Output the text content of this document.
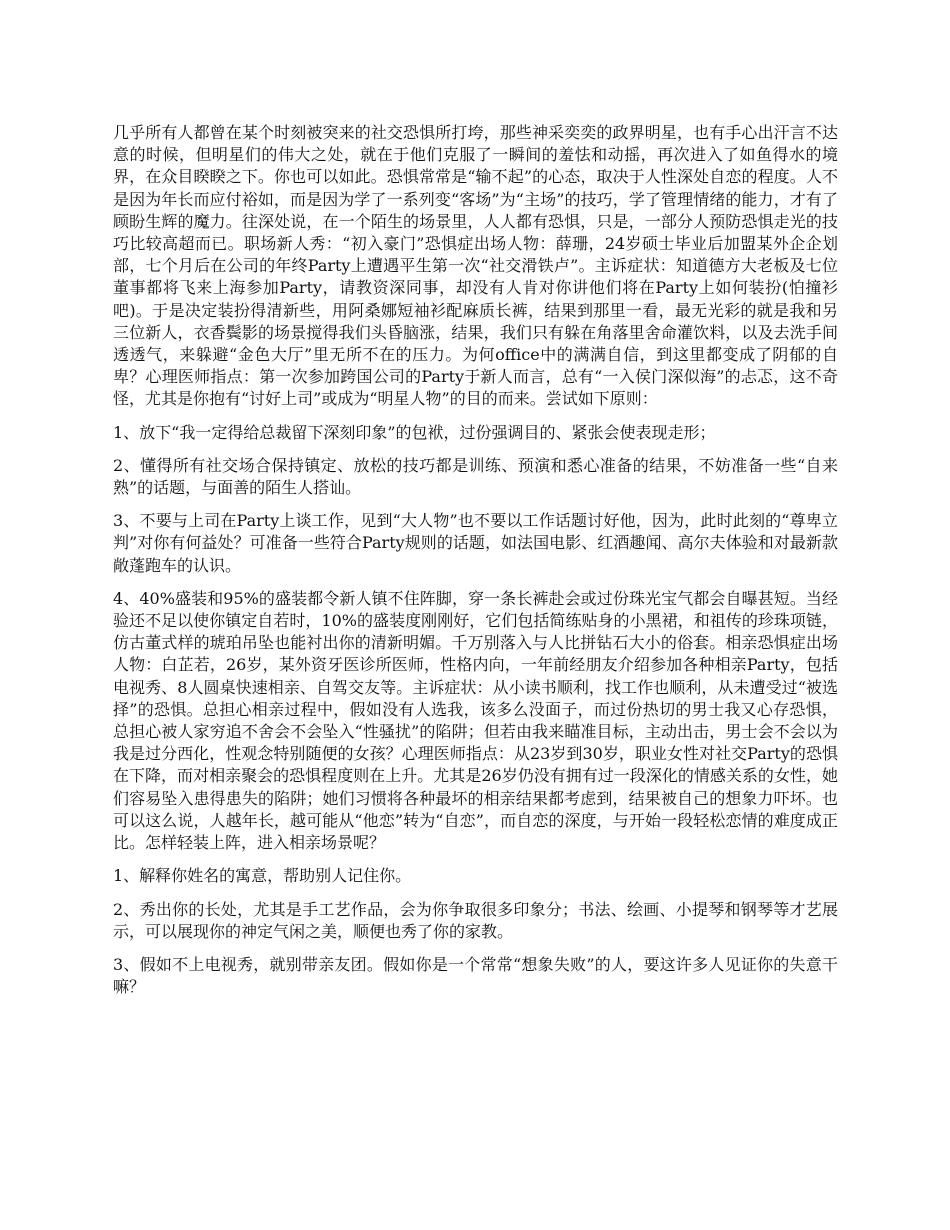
几乎所有人都曾在某个时刻被突来的社交恐惧所打垮，那些神采奕奕的政界明星，也有手心出汗言不达意的时候，但明星们的伟大之处，就在于他们克服了一瞬间的羞怯和动摇，再次进入了如鱼得水的境界，在众目睽睽之下。你也可以如此。恐惧常常是“输不起”的心态，取决于人性深处自恋的程度。人不是因为年长而应付裕如，而是因为学了一系列变“客场”为“主场”的技巧，学了管理情绪的能力，才有了顾盼生辉的魔力。往深处说，在一个陌生的场景里，人人都有恐惧，只是，一部分人预防恐惧走光的技巧比较高超而已。职场新人秀：“初入豪门”恐惧症出场人物：薛珊，24岁硕士毕业后加盟某外企企划部，七个月后在公司的年终Party上遭遇平生第一次“社交滑铁卢”。主诉症状：知道德方大老板及七位董事都将飞来上海参加Party，请教资深同事，却没有人肯对你讲他们将在Party上如何装扮(怕撞衫吧)。于是决定装扮得清新些，用阿桑娜短袖衫配麻质长裤，结果到那里一看，最无光彩的就是我和另三位新人，衣香鬓影的场景搅得我们头昏脑涨，结果，我们只有躲在角落里舍命灌饮料，以及去洗手间透透气，来躲避“金色大厅”里无所不在的压力。为何office中的满满自信，到这里都变成了阴郁的自卑？心理医师指点：第一次参加跨国公司的Party于新人而言，总有“一入侯门深似海”的忐忑，这不奇怪，尤其是你抱有“讨好上司”或成为“明星人物”的目的而来。尝试如下原则：

1、放下“我一定得给总裁留下深刻印象”的包袱，过份强调目的、紧张会使表现走形；

2、懂得所有社交场合保持镇定、放松的技巧都是训练、预演和悉心准备的结果，不妨准备一些“自来熟”的话题，与面善的陌生人搭讪。

3、不要与上司在Party上谈工作，见到“大人物”也不要以工作话题讨好他，因为，此时此刻的“尊卑立判”对你有何益处？可准备一些符合Party规则的话题，如法国电影、红酒趣闻、高尔夫体验和对最新款敞蓬跑车的认识。

4、40%盛装和95%的盛装都令新人镇不住阵脚，穿一条长裤赴会或过份珠光宝气都会自曝甚短。当经验还不足以使你镇定自若时，10%的盛装度刚刚好，它们包括简练贴身的小黑裙，和祖传的珍珠项链，仿古董式样的琥珀吊坠也能衬出你的清新明媚。千万别落入与人比拼钻石大小的俗套。相亲恐惧症出场人物：白芷若，26岁，某外资牙医诊所医师，性格内向，一年前经朋友介绍参加各种相亲Party，包括电视秀、8人圆桌快速相亲、自驾交友等。主诉症状：从小读书顺利，找工作也顺利，从未遭受过“被选择”的恐惧。总担心相亲过程中，假如没有人选我，该多么没面子，而过份热切的男士我又心存恐惧，总担心被人家穷追不舍会不会坠入“性骚扰”的陷阱；但若由我来瞄准目标，主动出击，男士会不会以为我是过分西化，性观念特别随便的女孩？心理医师指点：从23岁到30岁，职业女性对社交Party的恐惧在下降，而对相亲聚会的恐惧程度则在上升。尤其是26岁仍没有拥有过一段深化的情感关系的女性，她们容易坠入患得患失的陷阱；她们习惯将各种最坏的相亲结果都考虑到，结果被自己的想象力吓坏。也可以这么说，人越年长，越可能从“他恋”转为“自恋”，而自恋的深度，与开始一段轻松恋情的难度成正比。怎样轻装上阵，进入相亲场景呢？

1、解释你姓名的寓意，帮助别人记住你。

2、秀出你的长处，尤其是手工艺作品，会为你争取很多印象分；书法、绘画、小提琴和钢琴等才艺展示，可以展现你的神定气闲之美，顺便也秀了你的家教。

3、假如不上电视秀，就别带亲友团。假如你是一个常常“想象失败”的人，要这许多人见证你的失意干嘛？
